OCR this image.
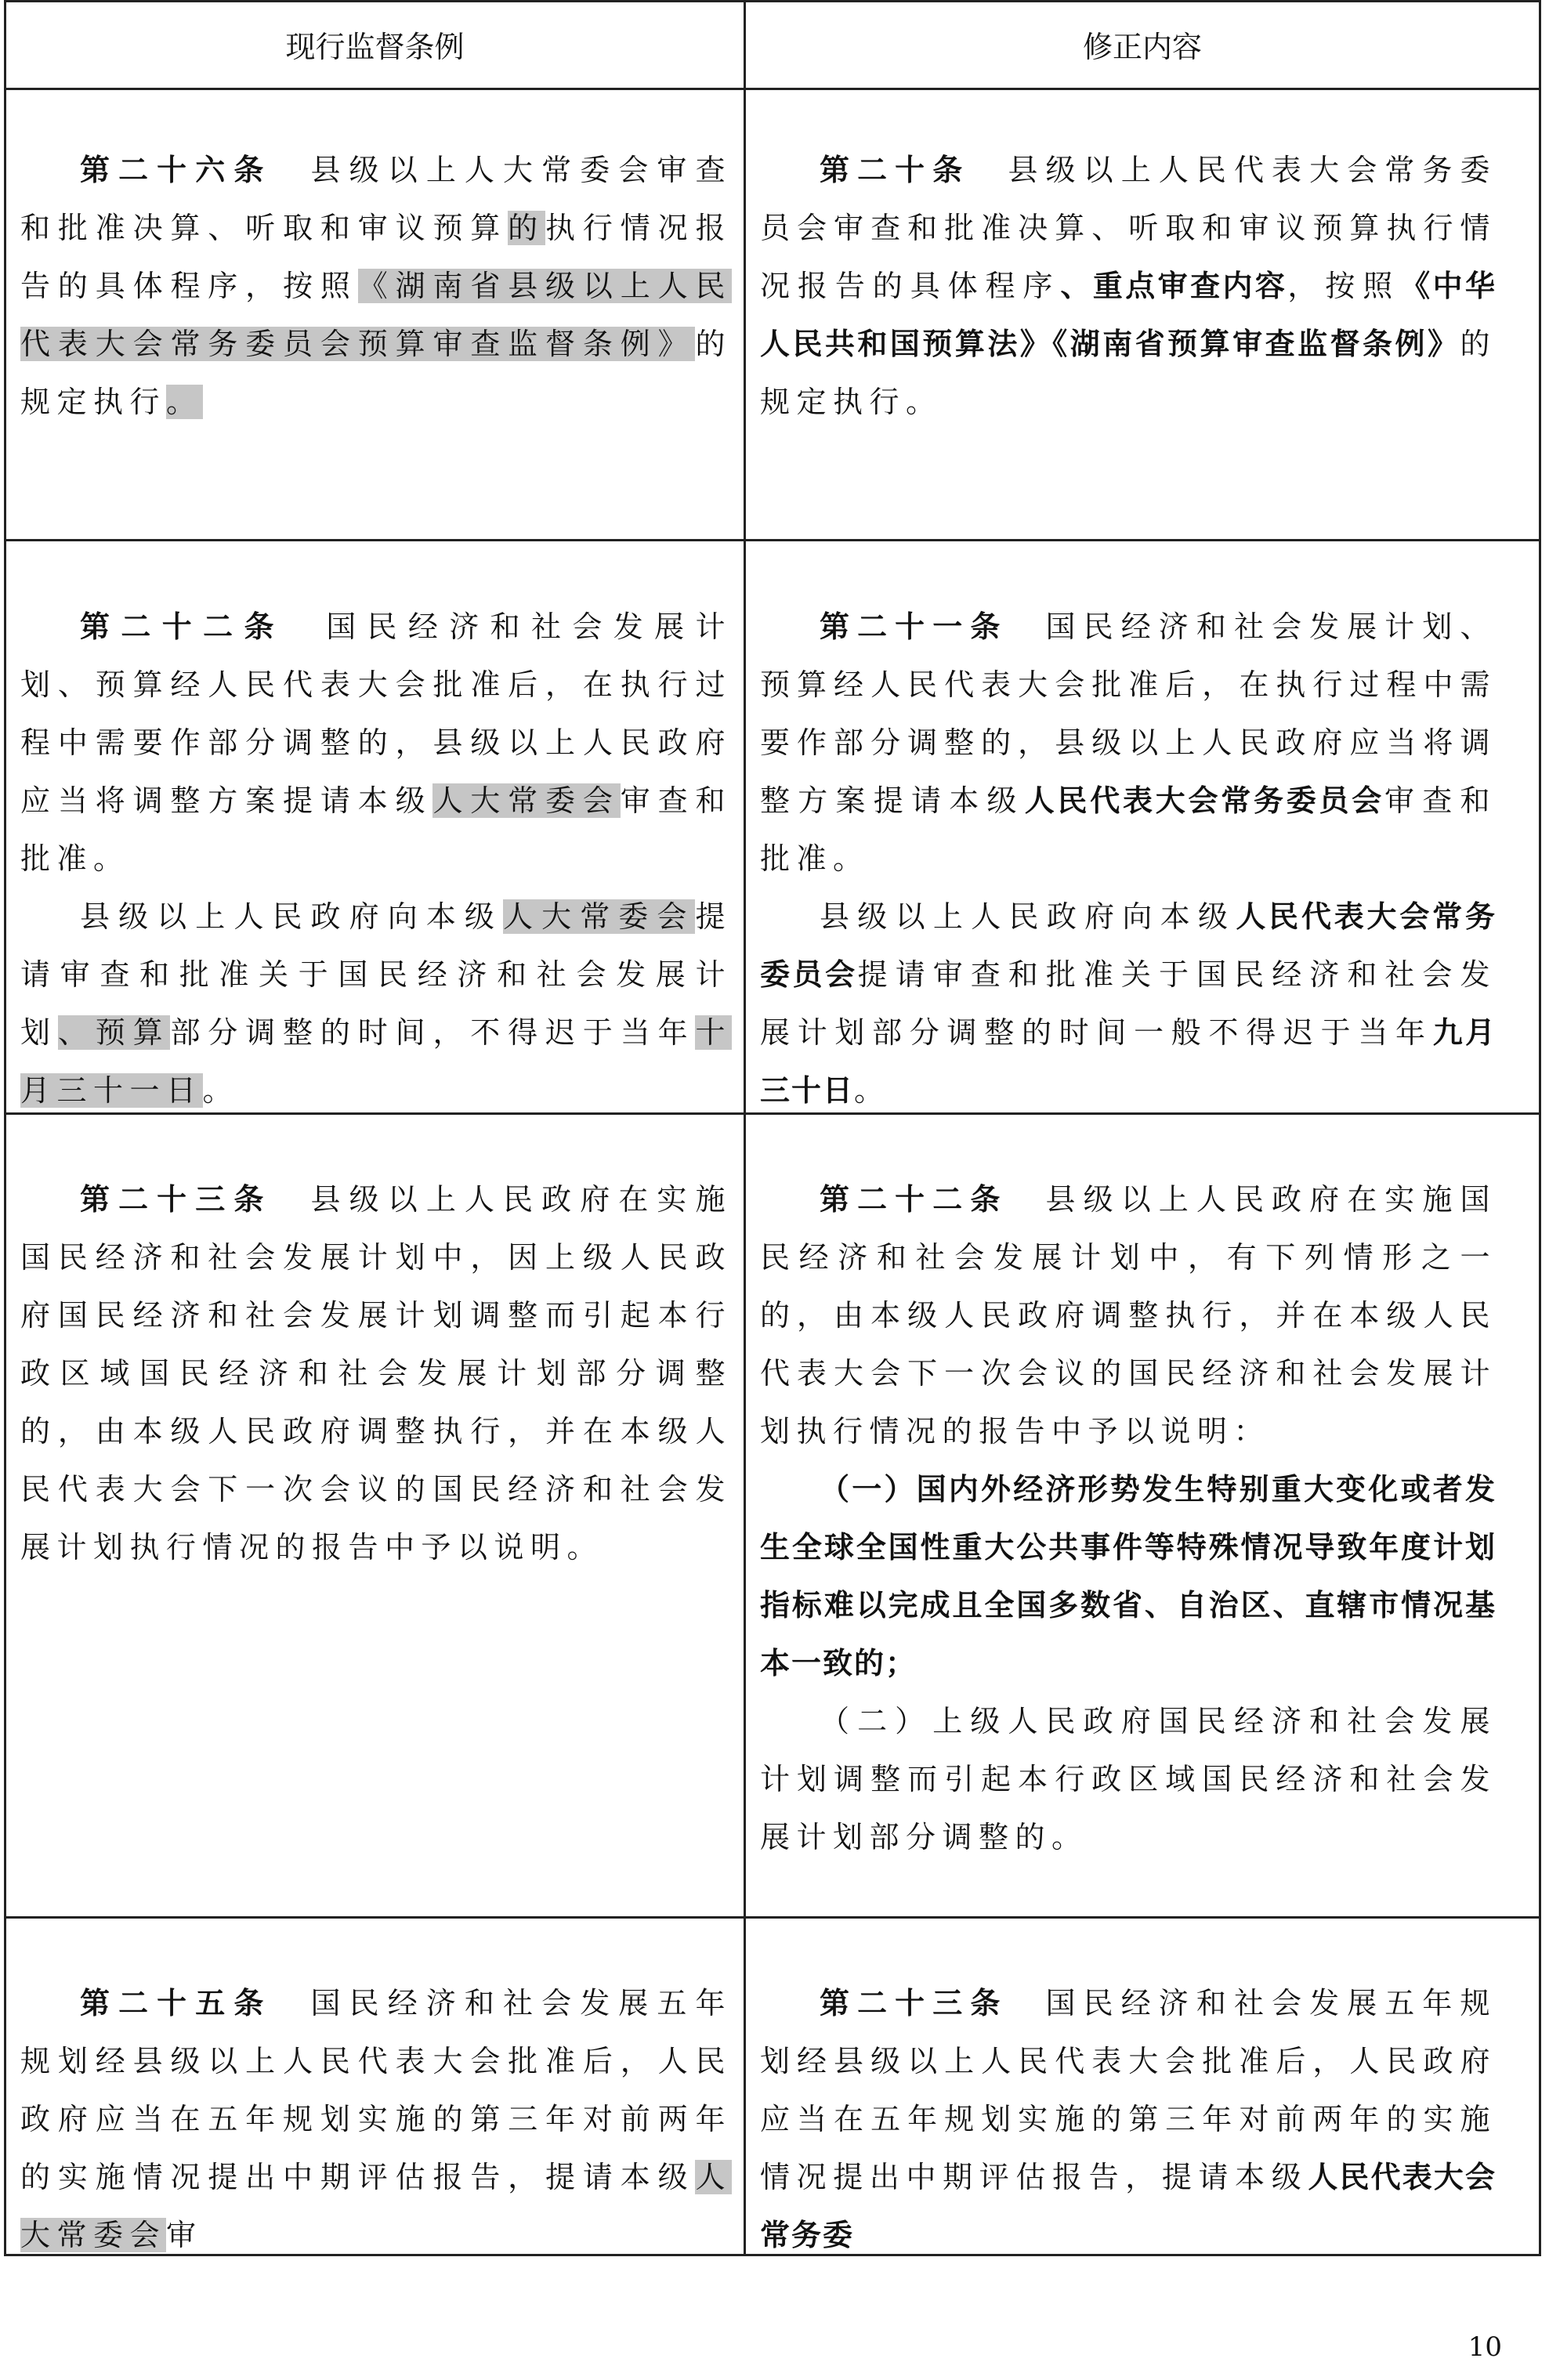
现行监督条例	修正内容

第二十六条　县级以上人大常委会审查和批准决算、听取和审议预算的执行情况报告的具体程序，按照《湖南省县级以上人民代表大会常务委员会预算审查监督条例》的规定执行。

第二十条　县级以上人民代表大会常务委员会审查和批准决算、听取和审议预算执行情况报告的具体程序、重点审查内容，按照《中华人民共和国预算法》《湖南省预算审查监督条例》的规定执行。

第二十二条　国民经济和社会发展计划、预算经人民代表大会批准后，在执行过程中需要作部分调整的，县级以上人民政府应当将调整方案提请本级人大常委会审查和批准。

县级以上人民政府向本级人大常委会提请审查和批准关于国民经济和社会发展计划、预算部分调整的时间，不得迟于当年十月三十一日。

第二十一条　国民经济和社会发展计划、预算经人民代表大会批准后，在执行过程中需要作部分调整的，县级以上人民政府应当将调整方案提请本级人民代表大会常务委员会审查和批准。

县级以上人民政府向本级人民代表大会常务委员会提请审查和批准关于国民经济和社会发展计划部分调整的时间一般不得迟于当年九月三十日。

第二十三条　县级以上人民政府在实施国民经济和社会发展计划中，因上级人民政府国民经济和社会发展计划调整而引起本行政区域国民经济和社会发展计划部分调整的，由本级人民政府调整执行，并在本级人民代表大会下一次会议的国民经济和社会发展计划执行情况的报告中予以说明。

第二十二条　县级以上人民政府在实施国民经济和社会发展计划中，有下列情形之一的，由本级人民政府调整执行，并在本级人民代表大会下一次会议的国民经济和社会发展计划执行情况的报告中予以说明：

（一）国内外经济形势发生特别重大变化或者发生全球全国性重大公共事件等特殊情况导致年度计划指标难以完成且全国多数省、自治区、直辖市情况基本一致的；

（二）上级人民政府国民经济和社会发展计划调整而引起本行政区域国民经济和社会发展计划部分调整的。

第二十五条　国民经济和社会发展五年规划经县级以上人民代表大会批准后，人民政府应当在五年规划实施的第三年对前两年的实施情况提出中期评估报告，提请本级人大常委会审

第二十三条　国民经济和社会发展五年规划经县级以上人民代表大会批准后，人民政府应当在五年规划实施的第三年对前两年的实施情况提出中期评估报告，提请本级人民代表大会常务委

10
